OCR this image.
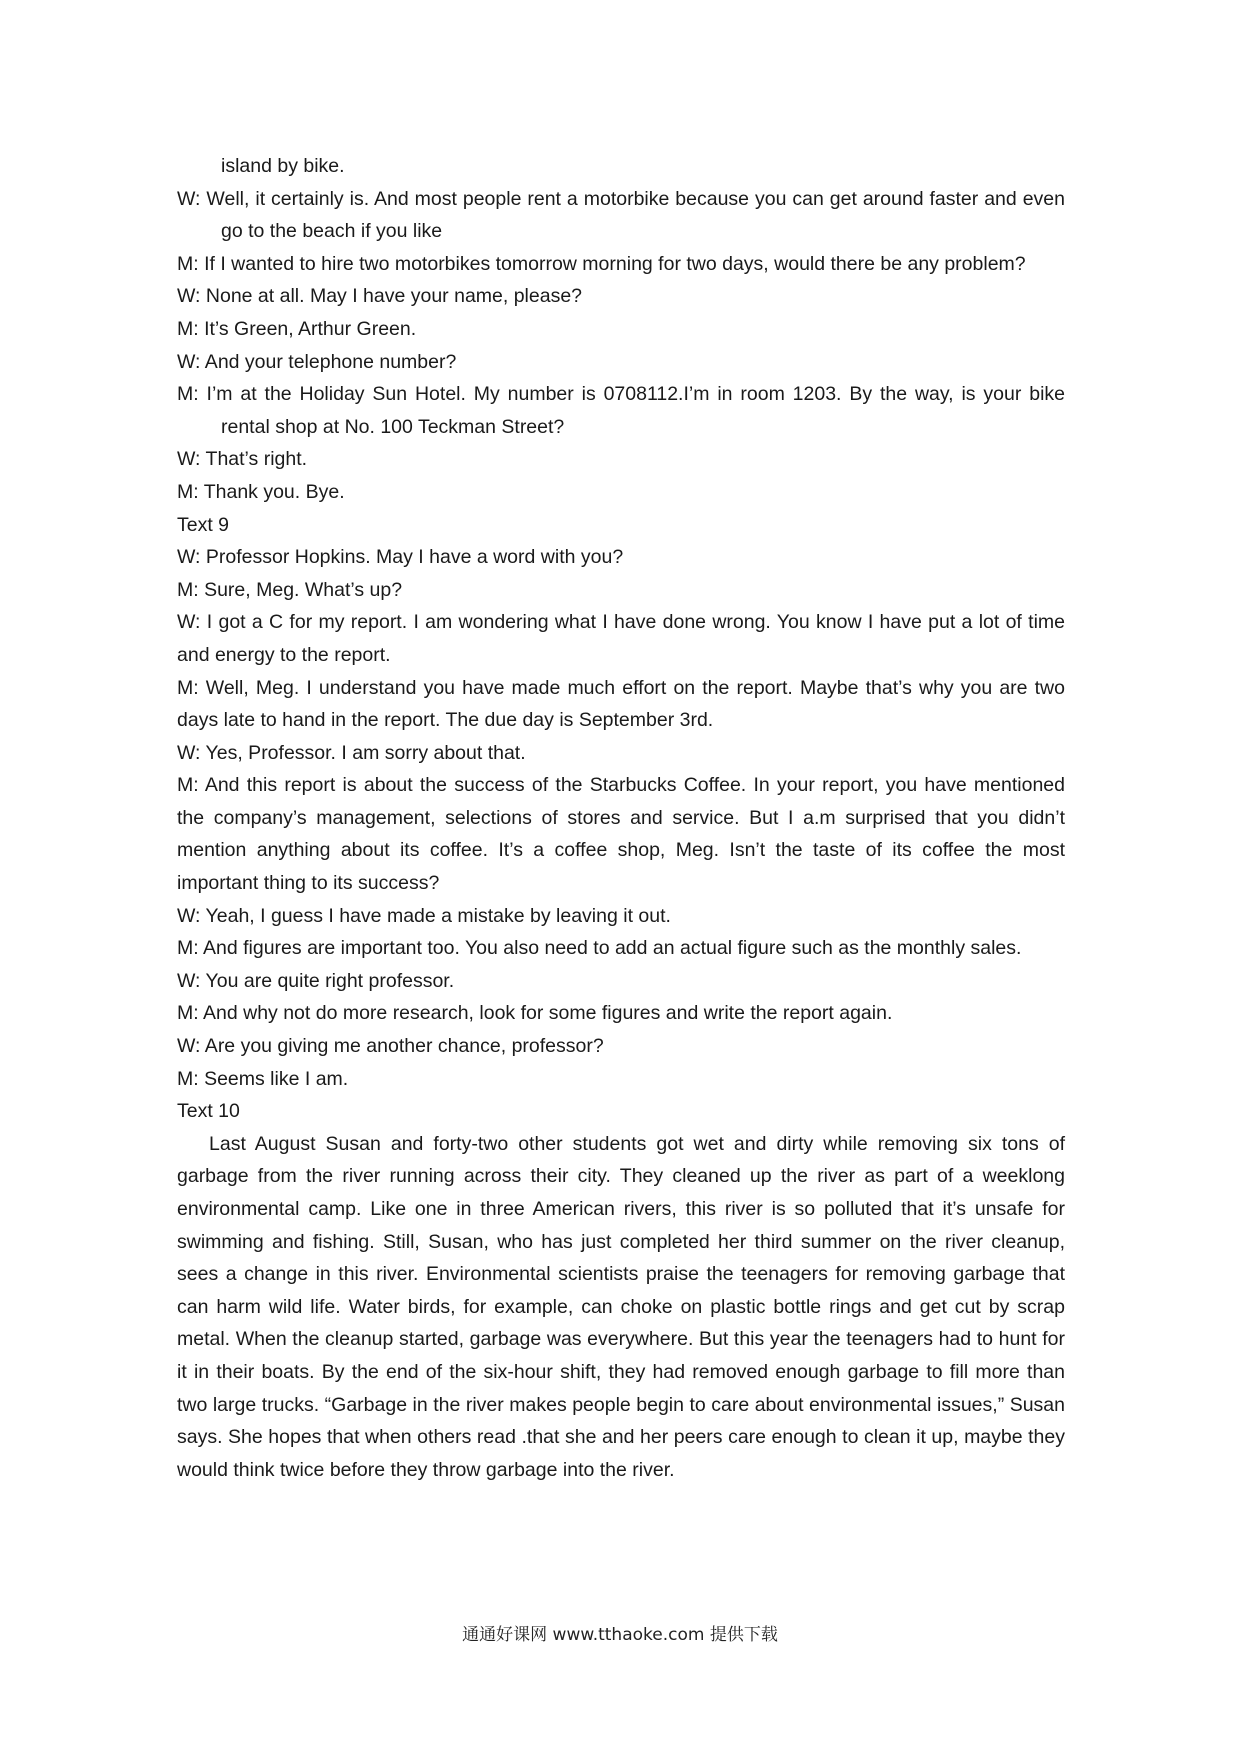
island by bike.

W: Well, it certainly is. And most people rent a motorbike because you can get around faster and even go to the beach if you like

M: If I wanted to hire two motorbikes tomorrow morning for two days, would there be any problem?

W: None at all. May I have your name, please?

M: It’s Green, Arthur Green.

W: And your telephone number?

M: I’m at the Holiday Sun Hotel. My number is 0708112.I’m in room 1203. By the way, is your bike rental shop at No. 100 Teckman Street?

W: That’s right.

M: Thank you. Bye.

Text 9

W: Professor Hopkins. May I have a word with you?

M: Sure, Meg. What’s up?

W: I got a C for my report. I am wondering what I have done wrong. You know I have put a lot of time and energy to the report.

M: Well, Meg. I understand you have made much effort on the report. Maybe that’s why you are two days late to hand in the report. The due day is September 3rd.

W: Yes, Professor. I am sorry about that.

M: And this report is about the success of the Starbucks Coffee. In your report, you have mentioned the company’s management, selections of stores and service. But I a.m surprised that you didn’t mention anything about its coffee. It’s a coffee shop, Meg. Isn’t the taste of its coffee the most important thing to its success?

W: Yeah, I guess I have made a mistake by leaving it out.

M: And figures are important too. You also need to add an actual figure such as the monthly sales.

W: You are quite right professor.

M: And why not do more research, look for some figures and write the report again.

W: Are you giving me another chance, professor?

M: Seems like I am.

Text 10

Last August Susan and forty-two other students got wet and dirty while removing six tons of garbage from the river running across their city. They cleaned up the river as part of a weeklong environmental camp. Like one in three American rivers, this river is so polluted that it’s unsafe for swimming and fishing. Still, Susan, who has just completed her third summer on the river cleanup, sees a change in this river. Environmental scientists praise the teenagers for removing garbage that can harm wild life. Water birds, for example, can choke on plastic bottle rings and get cut by scrap metal. When the cleanup started, garbage was everywhere. But this year the teenagers had to hunt for it in their boats. By the end of the six-hour shift, they had removed enough garbage to fill more than two large trucks. “Garbage in the river makes people begin to care about environmental issues,” Susan says. She hopes that when others read .that she and her peers care enough to clean it up, maybe they would think twice before they throw garbage into the river.

通通好课网 www.tthaoke.com 提供下载
